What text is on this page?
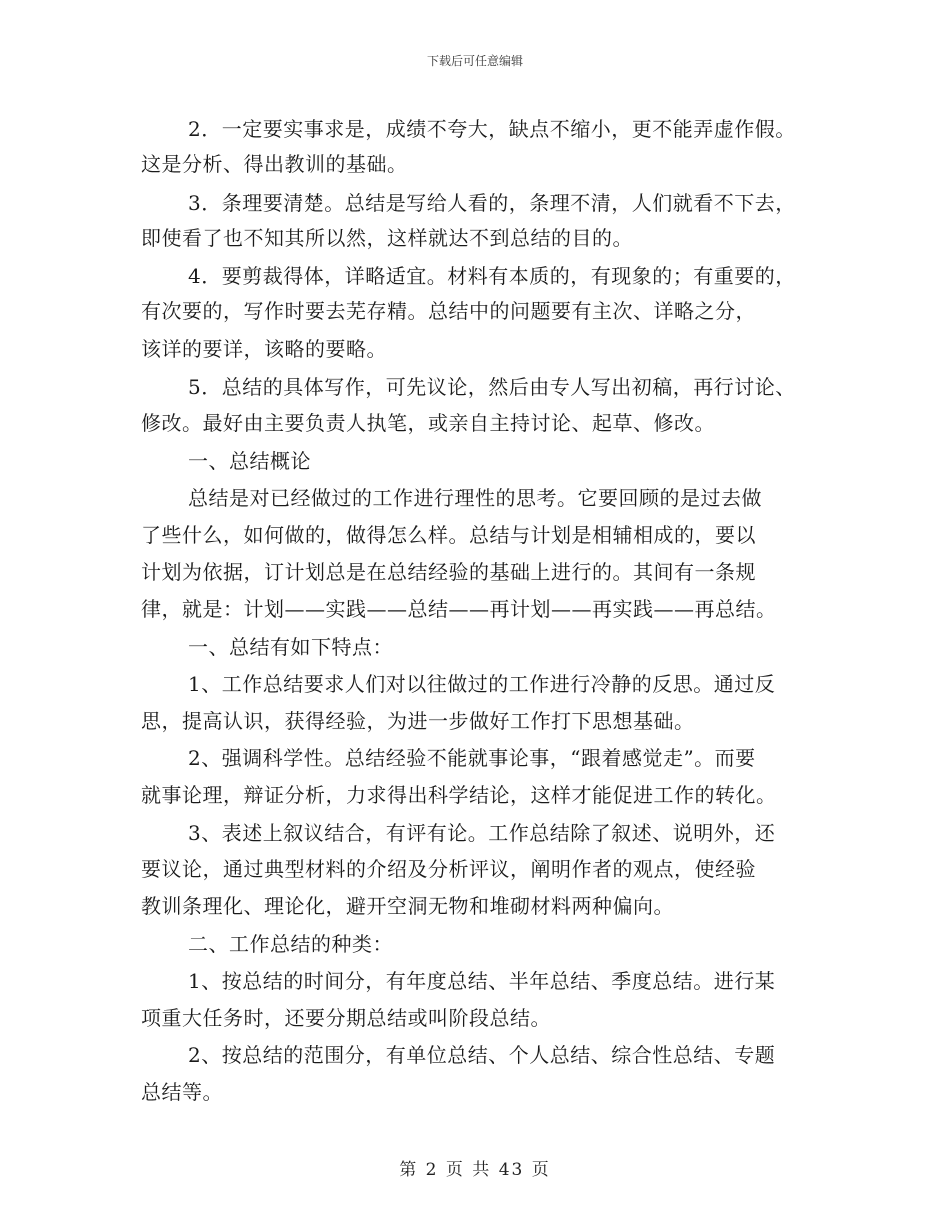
下载后可任意编辑
2．一定要实事求是，成绩不夸大，缺点不缩小，更不能弄虚作假。
这是分析、得出教训的基础。
3．条理要清楚。总结是写给人看的，条理不清，人们就看不下去，
即使看了也不知其所以然，这样就达不到总结的目的。
4．要剪裁得体，详略适宜。材料有本质的，有现象的；有重要的，
有次要的，写作时要去芜存精。总结中的问题要有主次、详略之分，
该详的要详，该略的要略。
5．总结的具体写作，可先议论，然后由专人写出初稿，再行讨论、
修改。最好由主要负责人执笔，或亲自主持讨论、起草、修改。
一、总结概论
总结是对已经做过的工作进行理性的思考。它要回顾的是过去做
了些什么，如何做的，做得怎么样。总结与计划是相辅相成的，要以
计划为依据，订计划总是在总结经验的基础上进行的。其间有一条规
律，就是：计划——实践——总结——再计划——再实践——再总结。
一、总结有如下特点：
1、工作总结要求人们对以往做过的工作进行冷静的反思。通过反
思，提高认识，获得经验，为进一步做好工作打下思想基础。
2、强调科学性。总结经验不能就事论事，“跟着感觉走”。而要
就事论理，辩证分析，力求得出科学结论，这样才能促进工作的转化。
3、表述上叙议结合，有评有论。工作总结除了叙述、说明外，还
要议论，通过典型材料的介绍及分析评议，阐明作者的观点，使经验
教训条理化、理论化，避开空洞无物和堆砌材料两种偏向。
二、工作总结的种类：
1、按总结的时间分，有年度总结、半年总结、季度总结。进行某
项重大任务时，还要分期总结或叫阶段总结。
2、按总结的范围分，有单位总结、个人总结、综合性总结、专题
总结等。
第 2 页 共 43 页
